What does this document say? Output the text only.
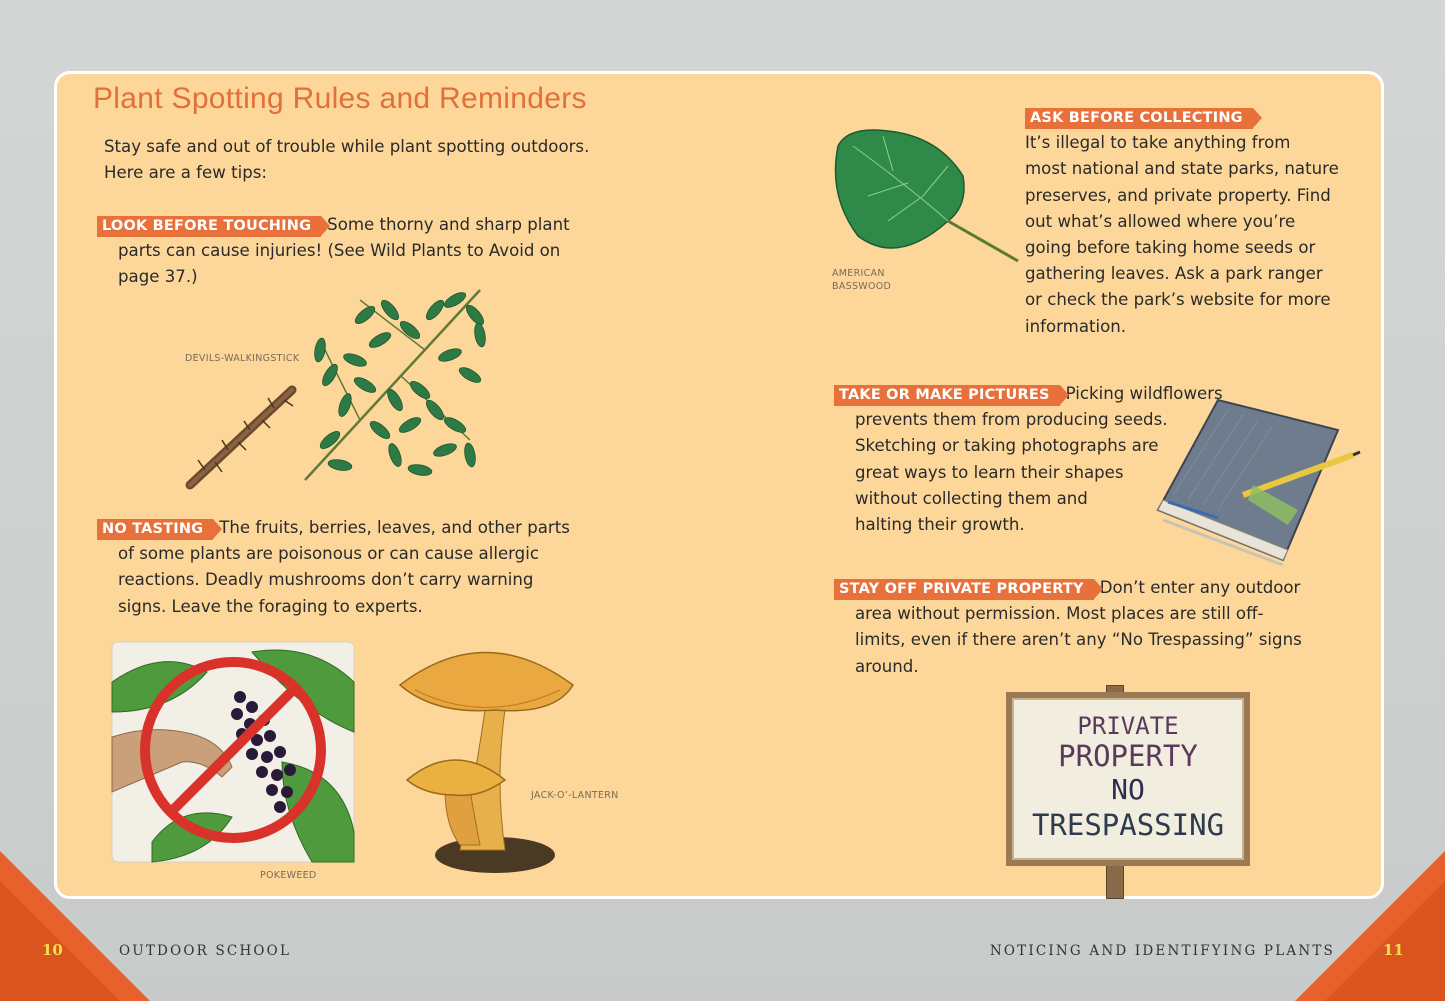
Plant Spotting Rules and Reminders
Stay safe and out of trouble while plant spotting outdoors.
Here are a few tips:
LOOK BEFORE TOUCHING Some thorny and sharp plant
parts can cause injuries! (See Wild Plants to Avoid on
page 37.)
DEVILS-WALKINGSTICK
NO TASTING The fruits, berries, leaves, and other parts
of some plants are poisonous or can cause allergic
reactions. Deadly mushrooms don’t carry warning
signs. Leave the foraging to experts.
POKEWEED
JACK-O’-LANTERN
AMERICAN
BASSWOOD
ASK BEFORE COLLECTING
It’s illegal to take anything from
most national and state parks, nature
preserves, and private property. Find
out what’s allowed where you’re
going before taking home seeds or
gathering leaves. Ask a park ranger
or check the park’s website for more
information.
TAKE OR MAKE PICTURES Picking wildflowers
prevents them from producing seeds.
Sketching or taking photographs are
great ways to learn their shapes
without collecting them and
halting their growth.
STAY OFF PRIVATE PROPERTY Don’t enter any outdoor
area without permission. Most places are still off-
limits, even if there aren’t any “No Trespassing” signs
around.
PRIVATE
PROPERTY
NO
TRESPASSING
10	OUTDOOR SCHOOL	NOTICING AND IDENTIFYING PLANTS	11
